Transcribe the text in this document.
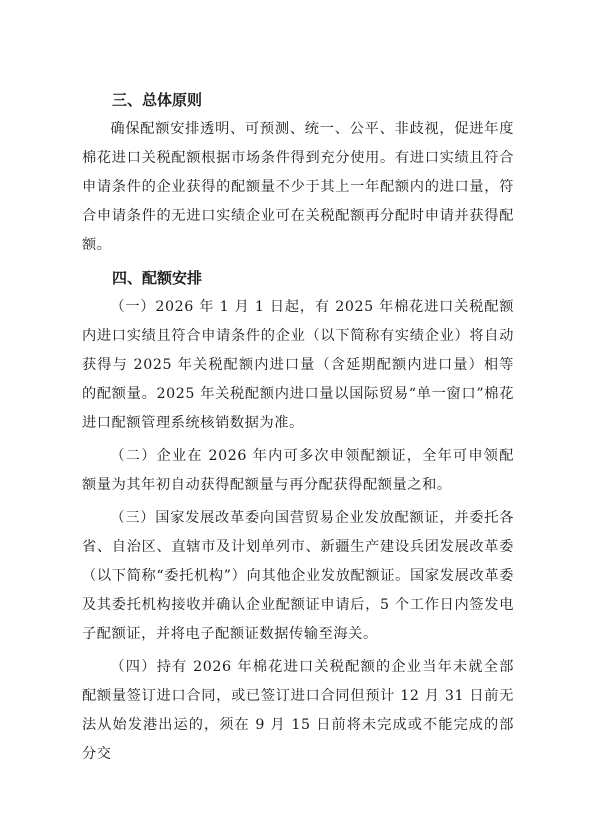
三、总体原则

确保配额安排透明、可预测、统一、公平、非歧视，促进年度棉花进口关税配额根据市场条件得到充分使用。有进口实绩且符合申请条件的企业获得的配额量不少于其上一年配额内的进口量，符合申请条件的无进口实绩企业可在关税配额再分配时申请并获得配额。

四、配额安排

（一）2026 年 1 月 1 日起，有 2025 年棉花进口关税配额内进口实绩且符合申请条件的企业（以下简称有实绩企业）将自动获得与 2025 年关税配额内进口量（含延期配额内进口量）相等的配额量。2025 年关税配额内进口量以国际贸易“单一窗口”棉花进口配额管理系统核销数据为准。

（二）企业在 2026 年内可多次申领配额证，全年可申领配额量为其年初自动获得配额量与再分配获得配额量之和。

（三）国家发展改革委向国营贸易企业发放配额证，并委托各省、自治区、直辖市及计划单列市、新疆生产建设兵团发展改革委（以下简称“委托机构”）向其他企业发放配额证。国家发展改革委及其委托机构接收并确认企业配额证申请后，5 个工作日内签发电子配额证，并将电子配额证数据传输至海关。

（四）持有 2026 年棉花进口关税配额的企业当年未就全部配额量签订进口合同，或已签订进口合同但预计 12 月 31 日前无法从始发港出运的，须在 9 月 15 日前将未完成或不能完成的部分交
